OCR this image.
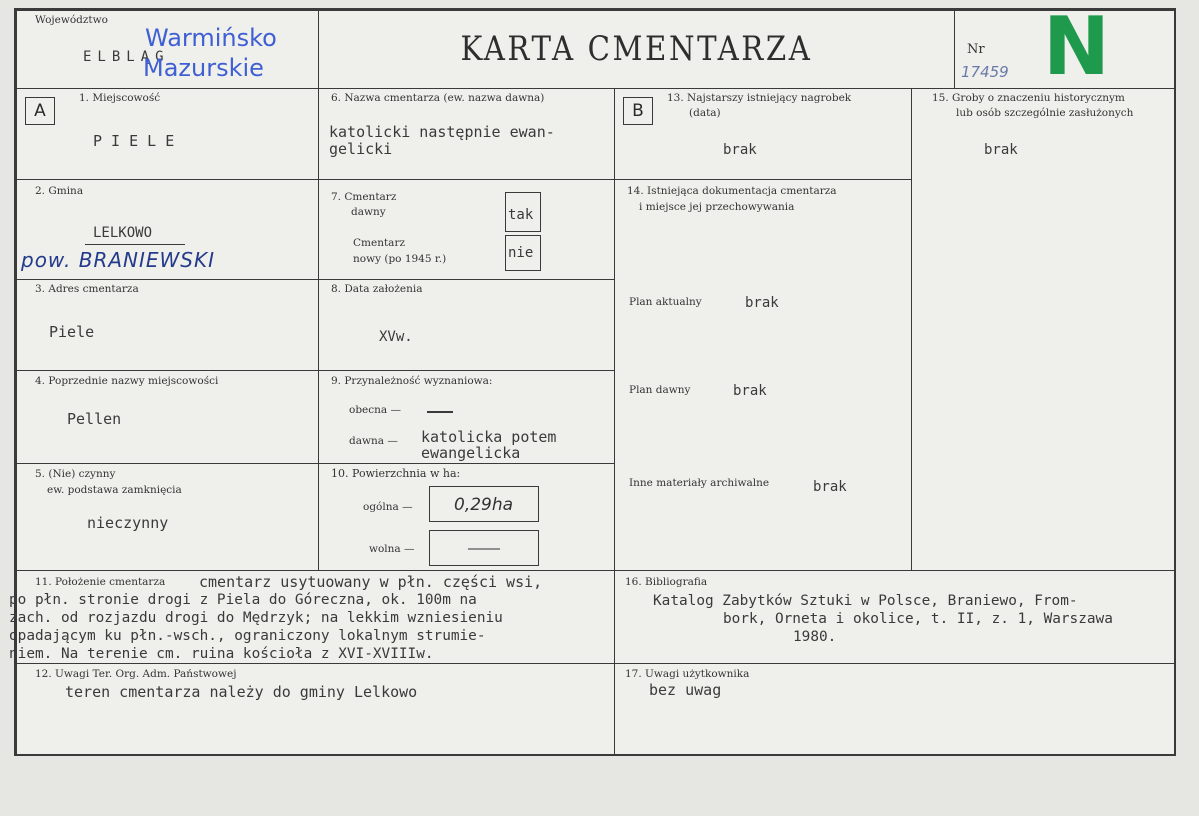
Województwo
ELBLĄG
Warmińsko
Mazurskie	KARTA CMENTARZA	Nr
17459 N
A
1. Miejscowość
P I E L E
2. Gmina
LELKOWO
pow. BRANIEWSKI
3. Adres cmentarza
Piele
4. Poprzednie nazwy miejscowości
Pellen
5. (Nie) czynny
ew. podstawa zamknięcia
nieczynny
6. Nazwa cmentarza (ew. nazwa dawna)
katolicki następnie ewan-
gelicki
7. Cmentarz
dawny
Cmentarz
nowy (po 1945 r.)
tak
nie
8. Data założenia
XVw.
9. Przynależność wyznaniowa:
obecna —
dawna — katolicka potem
ewangelicka
10. Powierzchnia w ha:
ogólna — 0,29ha
wolna —	—
B
13. Najstarszy istniejący nagrobek
(data)
brak
14. Istniejąca dokumentacja cmentarza
i miejsce jej przechowywania
Plan aktualny	brak
Plan dawny	brak
Inne materiały archiwalne	brak
15. Groby o znaczeniu historycznym
lub osób szczególnie zasłużonych
brak
11. Położenie cmentarza cmentarz usytuowany w płn. części wsi,
po płn. stronie drogi z Piela do Góreczna, ok. 100m na
zach. od rozjazdu drogi do Mędrzyk; na lekkim wzniesieniu
opadającym ku płn.-wsch., ograniczony lokalnym strumie-
niem. Na terenie cm. ruina kościoła z XVI-XVIIIw.
16. Bibliografia
Katalog Zabytków Sztuki w Polsce, Braniewo, From-
bork, Orneta i okolice, t. II, z. 1, Warszawa
1980.
12. Uwagi Ter. Org. Adm. Państwowej
teren cmentarza należy do gminy Lelkowo
17. Uwagi użytkownika
bez uwag
